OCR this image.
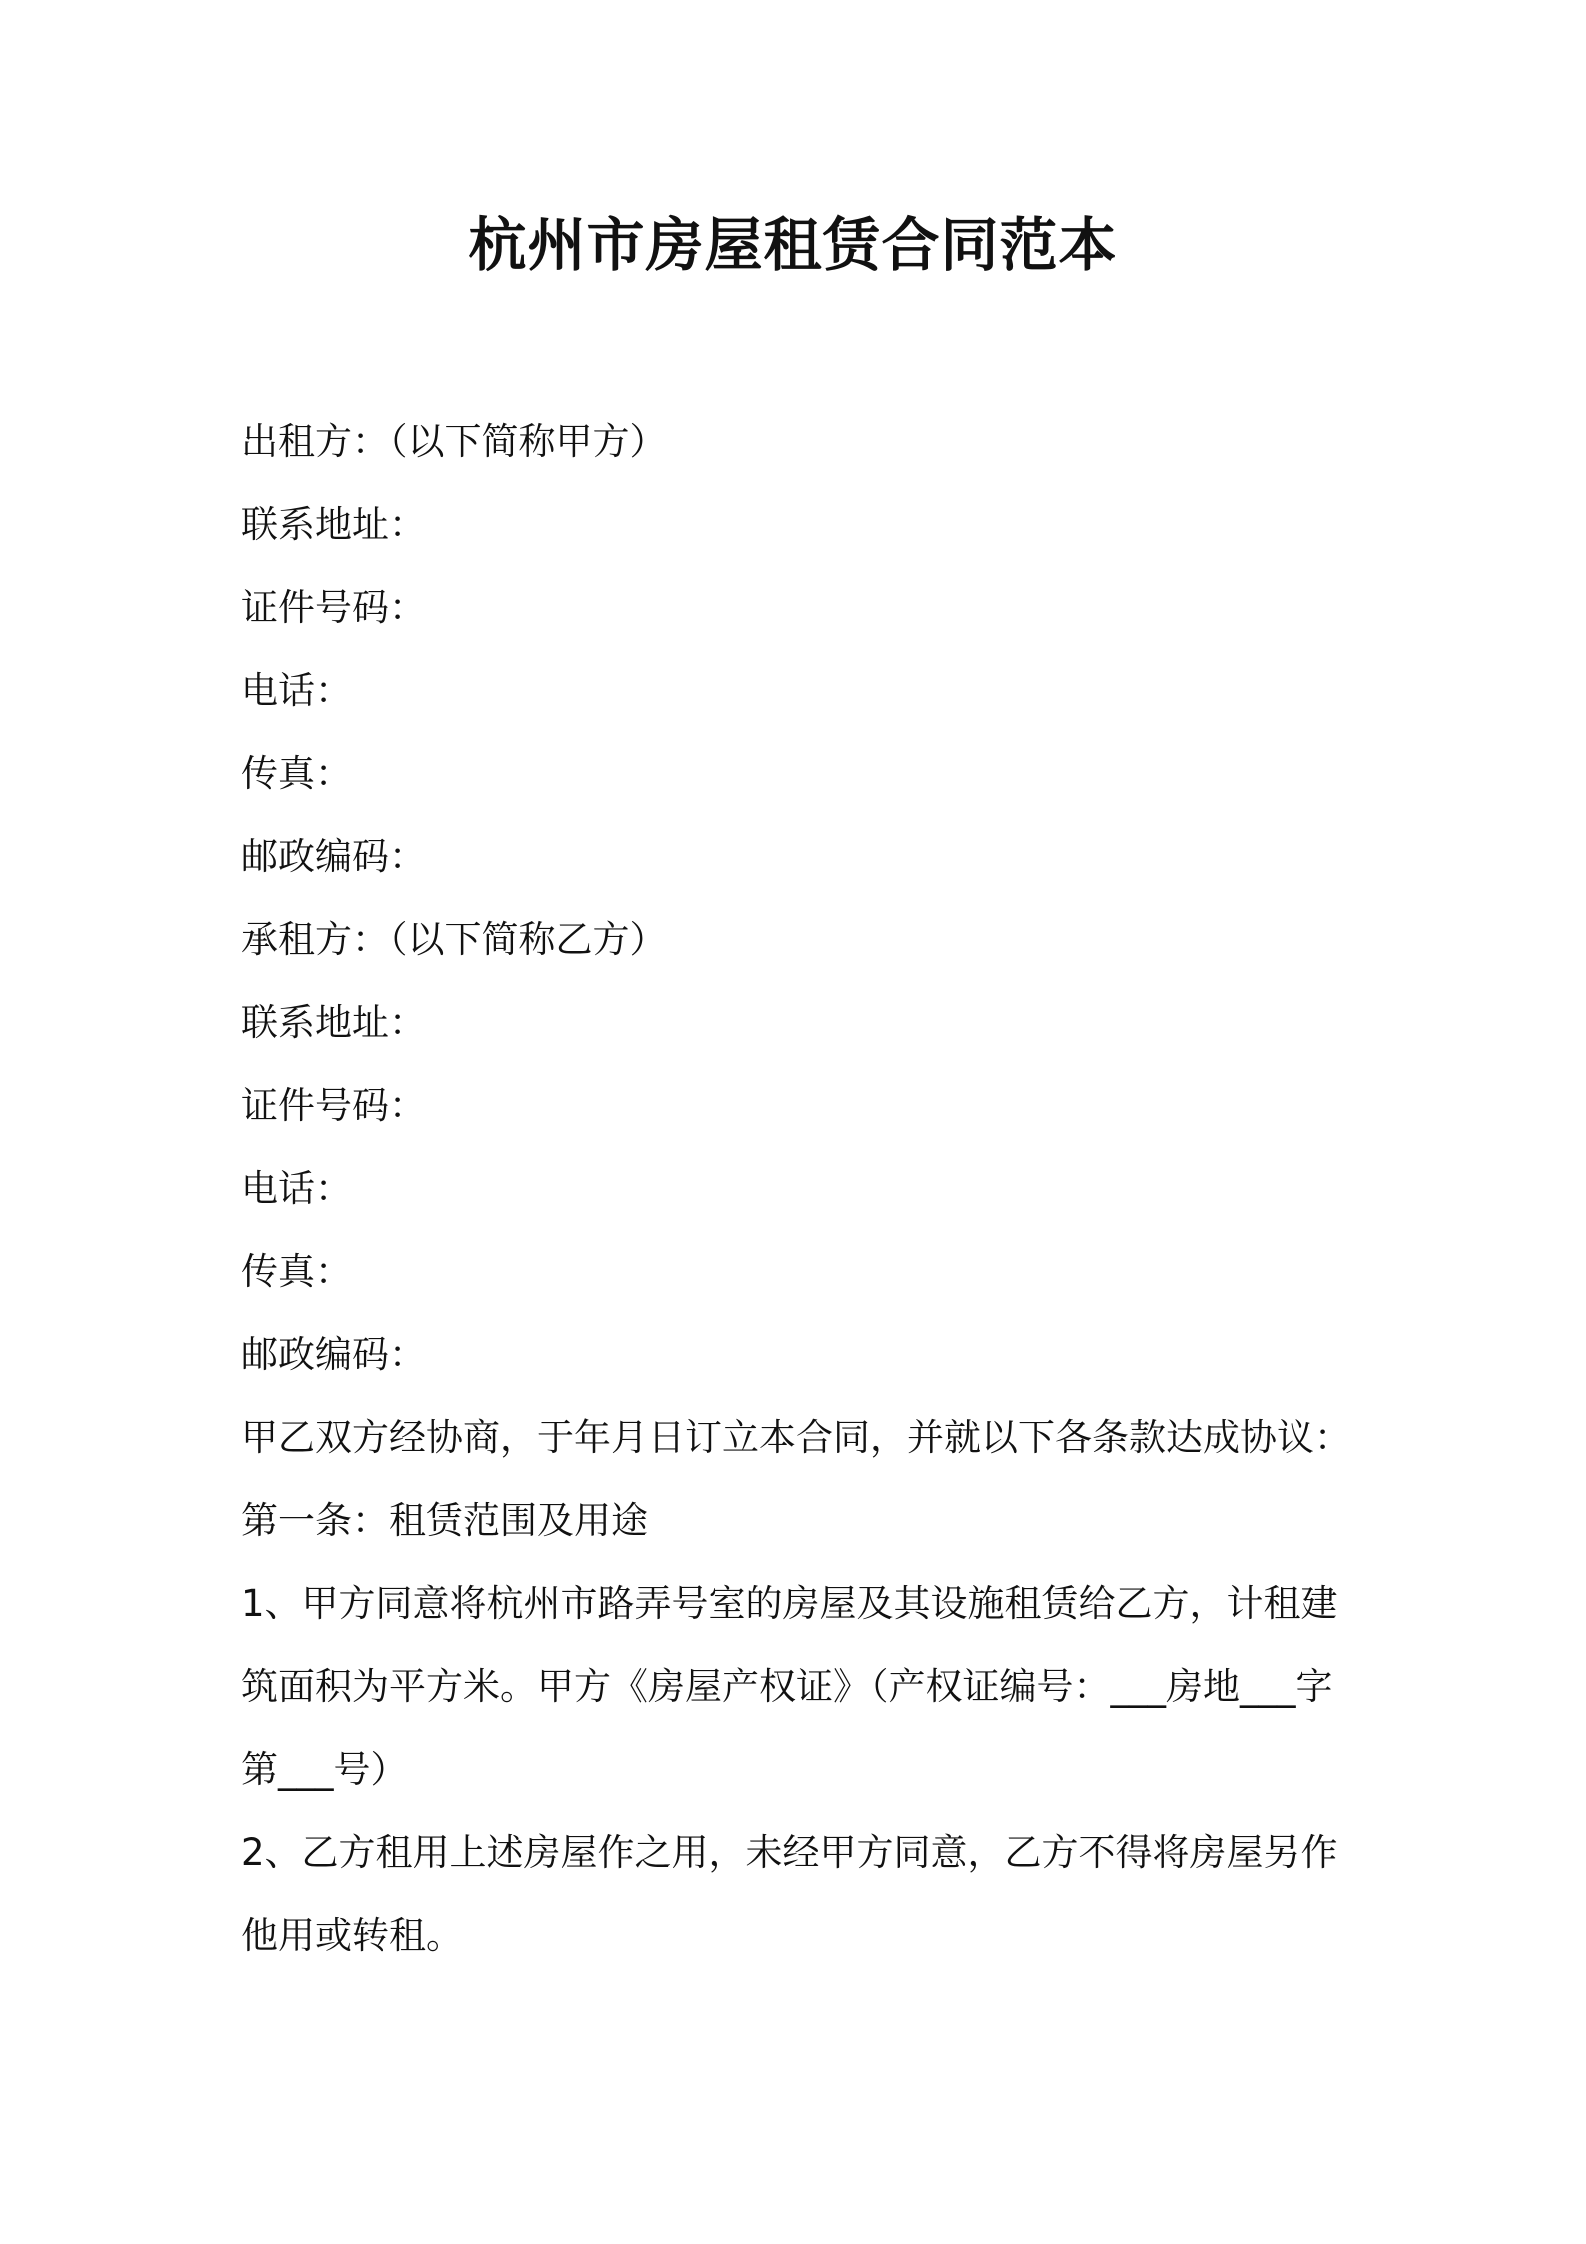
杭州市房屋租赁合同范本

出租方：（以下简称甲方）

联系地址：

证件号码：

电话：

传真：

邮政编码：

承租方：（以下简称乙方）

联系地址：

证件号码：

电话：

传真：

邮政编码：

甲乙双方经协商，于年月日订立本合同，并就以下各条款达成协议：

第一条：租赁范围及用途

1、甲方同意将杭州市路弄号室的房屋及其设施租赁给乙方，计租建筑面积为平方米。甲方《房屋产权证》（产权证编号：___房地___字第___号）

2、乙方租用上述房屋作之用，未经甲方同意，乙方不得将房屋另作他用或转租。
